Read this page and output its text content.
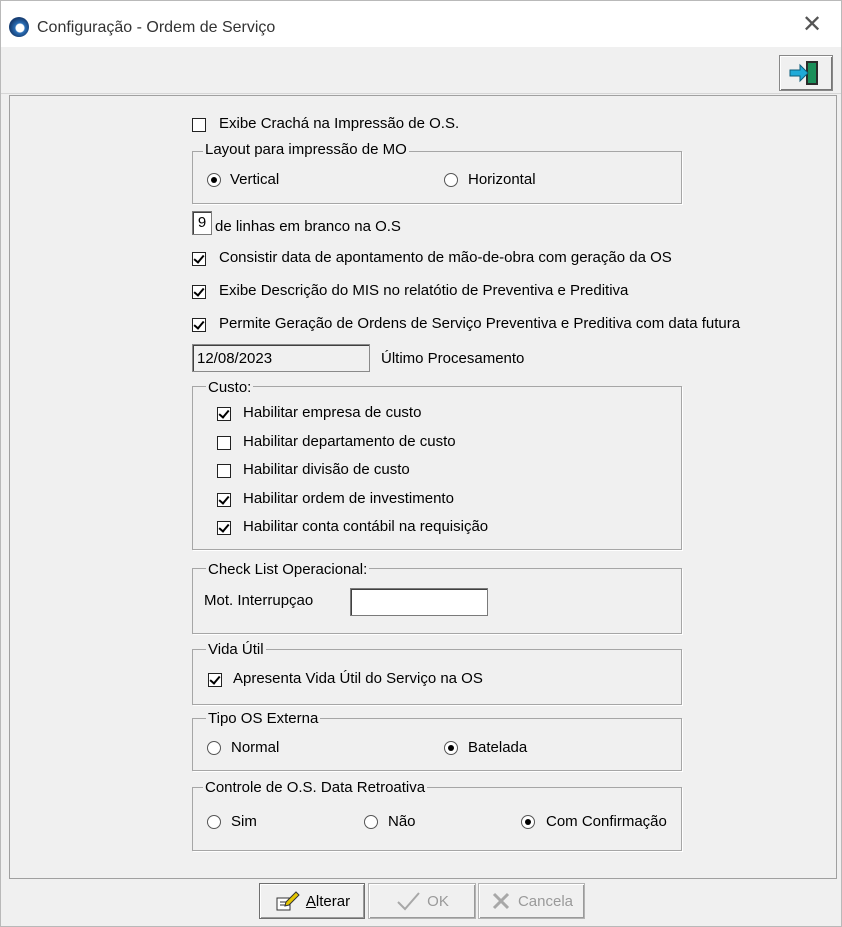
Configuração - Ordem de Serviço	✕
Exibe Crachá na Impressão de O.S.
Layout para impressão de MO
Vertical	Horizontal
9 de linhas em branco na O.S
Consistir data de apontamento de mão-de-obra com geração da OS
Exibe Descrição do MIS no relatótio de Preventiva e Preditiva
Permite Geração de Ordens de Serviço Preventiva e Preditiva com data futura
12/08/2023	Último Procesamento
Custo:
Habilitar empresa de custo
Habilitar departamento de custo
Habilitar divisão de custo
Habilitar ordem de investimento
Habilitar conta contábil na requisição
Check List Operacional:
Mot. Interrupçao
Vida Útil
Apresenta Vida Útil do Serviço na OS
Tipo OS Externa
Normal	Batelada
Controle de O.S. Data Retroativa
Sim	Não	Com Confirmação
Alterar	OK	Cancela
